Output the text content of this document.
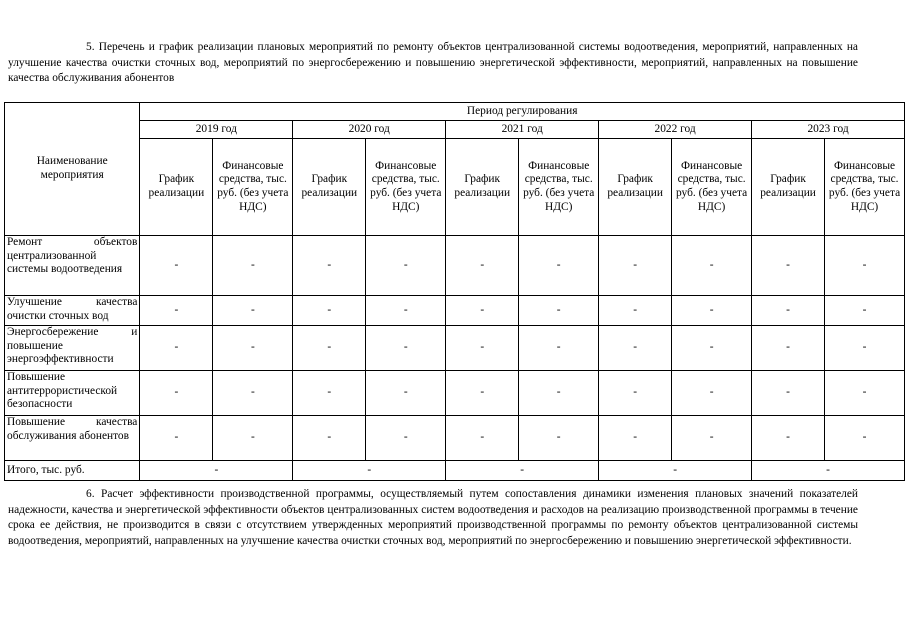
5. Перечень и график реализации плановых мероприятий по ремонту объектов централизованной системы водоотведения, мероприятий, направленных на улучшение качества очистки сточных вод, мероприятий по энергосбережению и повышению энергетической эффективности, мероприятий, направленных на повышение качества обслуживания абонентов
Наименование мероприятия	Период регулирования									
	2019 год		2020 год		2021 год		2022 год		2023 год	
	График реализации	Финансовые средства, тыс. руб. (без учета НДС)	График реализации	Финансовые средства, тыс. руб. (без учета НДС)	График реализации	Финансовые средства, тыс. руб. (без учета НДС)	График реализации	Финансовые средства, тыс. руб. (без учета НДС)	График реализации	Финансовые средства, тыс. руб. (без учета НДС)
Ремонт объектов централизованной системы водоотведения	-	-	-	-	-	-	-	-	-	-
Улучшение качества очистки сточных вод	-	-	-	-	-	-	-	-	-	-
Энергосбережение и повышение энергоэффективности	-	-	-	-	-	-	-	-	-	-
Повышение антитеррористической безопасности	-	-	-	-	-	-	-	-	-	-
Повышение качества обслуживания абонентов	-	-	-	-	-	-	-	-	-	-
Итого, тыс. руб.	-		-		-		-		-	
6. Расчет эффективности производственной программы, осуществляемый путем сопоставления динамики изменения плановых значений показателей надежности, качества и энергетической эффективности объектов централизованных систем водоотведения и расходов на реализацию производственной программы в течение срока ее действия, не производится в связи с отсутствием утвержденных мероприятий производственной программы по ремонту объектов централизованной системы водоотведения, мероприятий, направленных на улучшение качества очистки сточных вод, мероприятий по энергосбережению и повышению энергетической эффективности.
